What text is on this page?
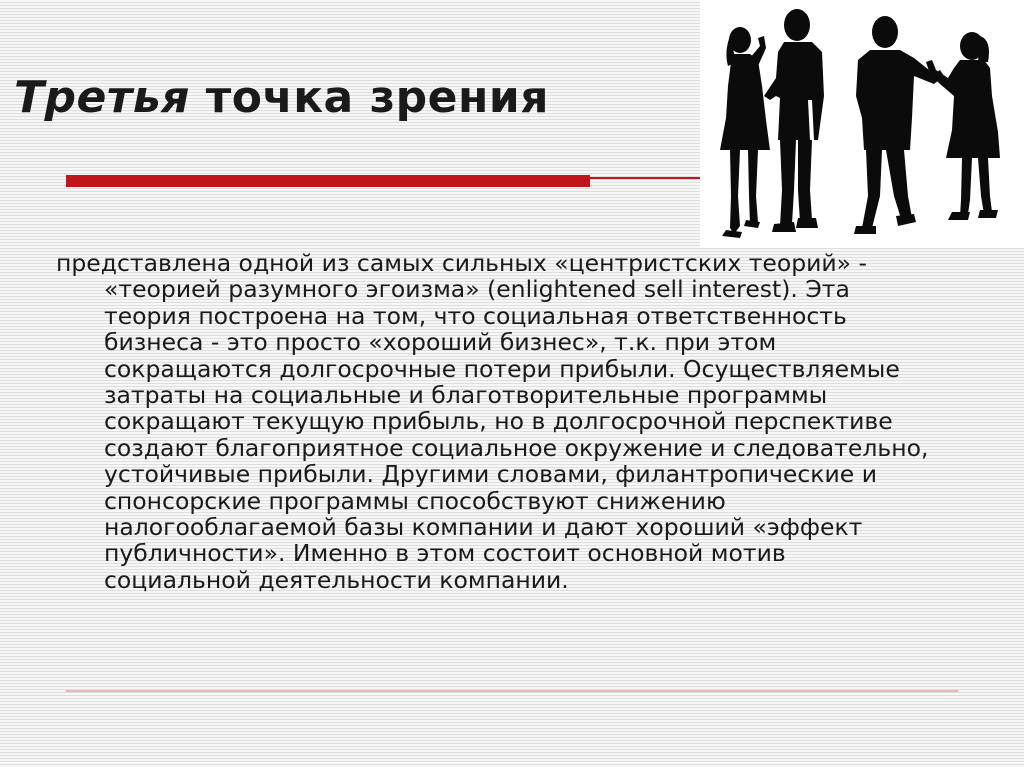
Третья точка зрения

представлена одной из самых сильных «центристских теорий» - «теорией разумного эгоизма» (enlightened sell interest). Эта теория построена на том, что социальная ответственность бизнеса - это просто «хороший бизнес», т.к. при этом сокращаются долгосрочные потери прибыли. Осуществляемые затраты на социальные и благотворительные программы сокращают текущую прибыль, но в долгосрочной перспективе создают благоприятное социальное окружение и следовательно, устойчивые прибыли. Другими словами, филантропические и спонсорские программы способствуют снижению налогооблагаемой базы компании и дают хороший «эффект публичности». Именно в этом состоит основной мотив социальной деятельности компании.
